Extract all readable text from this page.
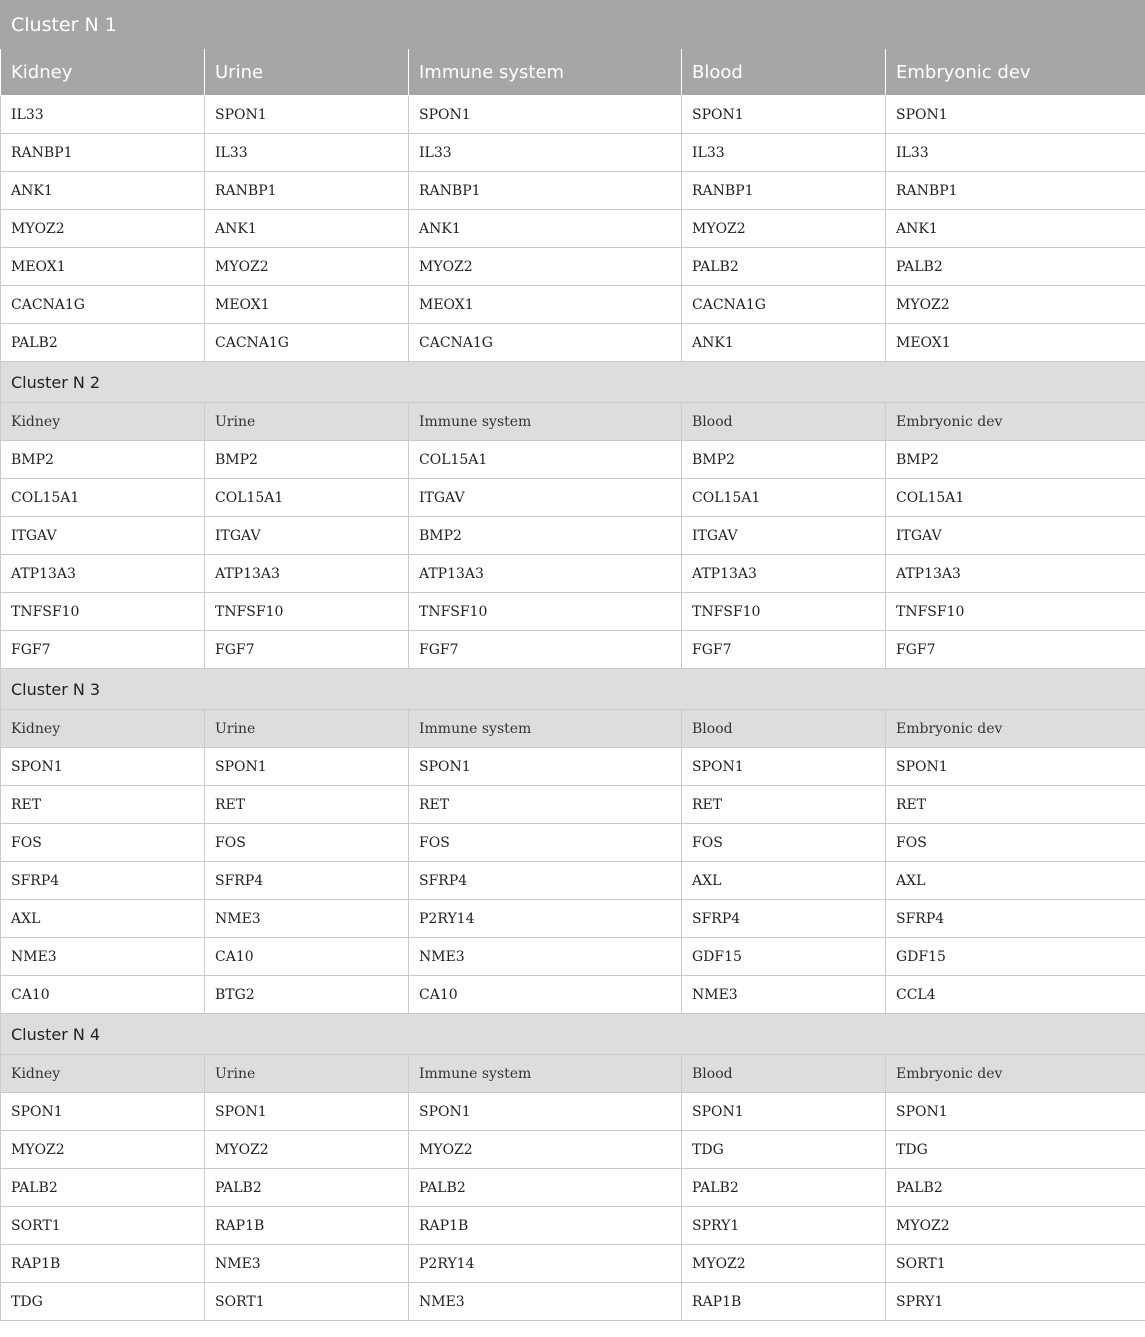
Cluster N 1				
Kidney	Urine	Immune system	Blood	Embryonic dev
IL33	SPON1	SPON1	SPON1	SPON1
RANBP1	IL33	IL33	IL33	IL33
ANK1	RANBP1	RANBP1	RANBP1	RANBP1
MYOZ2	ANK1	ANK1	MYOZ2	ANK1
MEOX1	MYOZ2	MYOZ2	PALB2	PALB2
CACNA1G	MEOX1	MEOX1	CACNA1G	MYOZ2
PALB2	CACNA1G	CACNA1G	ANK1	MEOX1
Cluster N 2				
Kidney	Urine	Immune system	Blood	Embryonic dev
BMP2	BMP2	COL15A1	BMP2	BMP2
COL15A1	COL15A1	ITGAV	COL15A1	COL15A1
ITGAV	ITGAV	BMP2	ITGAV	ITGAV
ATP13A3	ATP13A3	ATP13A3	ATP13A3	ATP13A3
TNFSF10	TNFSF10	TNFSF10	TNFSF10	TNFSF10
FGF7	FGF7	FGF7	FGF7	FGF7
Cluster N 3				
Kidney	Urine	Immune system	Blood	Embryonic dev
SPON1	SPON1	SPON1	SPON1	SPON1
RET	RET	RET	RET	RET
FOS	FOS	FOS	FOS	FOS
SFRP4	SFRP4	SFRP4	AXL	AXL
AXL	NME3	P2RY14	SFRP4	SFRP4
NME3	CA10	NME3	GDF15	GDF15
CA10	BTG2	CA10	NME3	CCL4
Cluster N 4				
Kidney	Urine	Immune system	Blood	Embryonic dev
SPON1	SPON1	SPON1	SPON1	SPON1
MYOZ2	MYOZ2	MYOZ2	TDG	TDG
PALB2	PALB2	PALB2	PALB2	PALB2
SORT1	RAP1B	RAP1B	SPRY1	MYOZ2
RAP1B	NME3	P2RY14	MYOZ2	SORT1
TDG	SORT1	NME3	RAP1B	SPRY1
